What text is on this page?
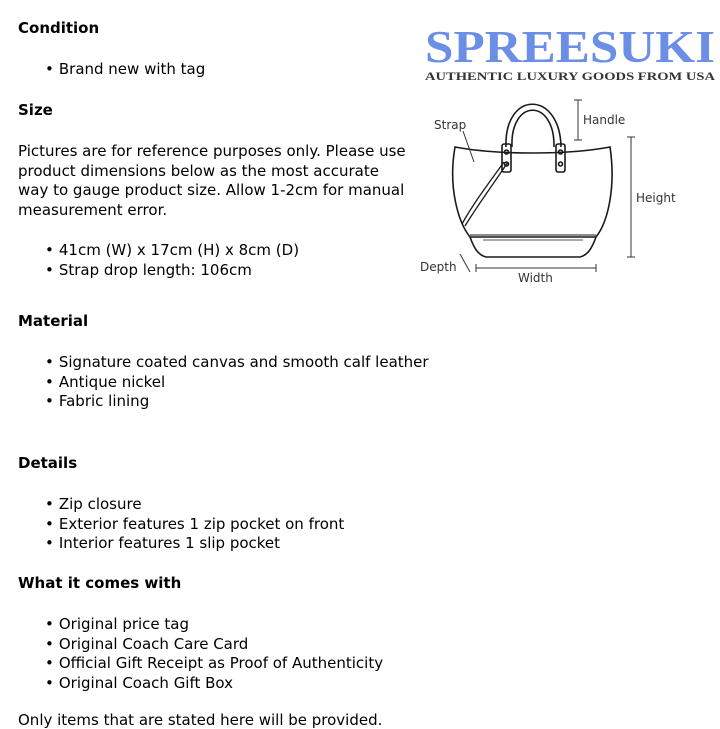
Condition
• Brand new with tag
Size

Pictures are for reference purposes only. Please use product dimensions below as the most accurate way to gauge product size. Allow 1-2cm for manual measurement error.

• 41cm (W) x 17cm (H) x 8cm (D)
• Strap drop length: 106cm
Material
• Signature coated canvas and smooth calf leather
• Antique nickel
• Fabric lining
Details
• Zip closure
• Exterior features 1 zip pocket on front
• Interior features 1 slip pocket
What it comes with
• Original price tag
• Original Coach Care Card
• Official Gift Receipt as Proof of Authenticity
• Original Coach Gift Box
Only items that are stated here will be provided.
SPREESUKI
AUTHENTIC LUXURY GOODS FROM USA
Strap	Handle
Height
Depth
Width
